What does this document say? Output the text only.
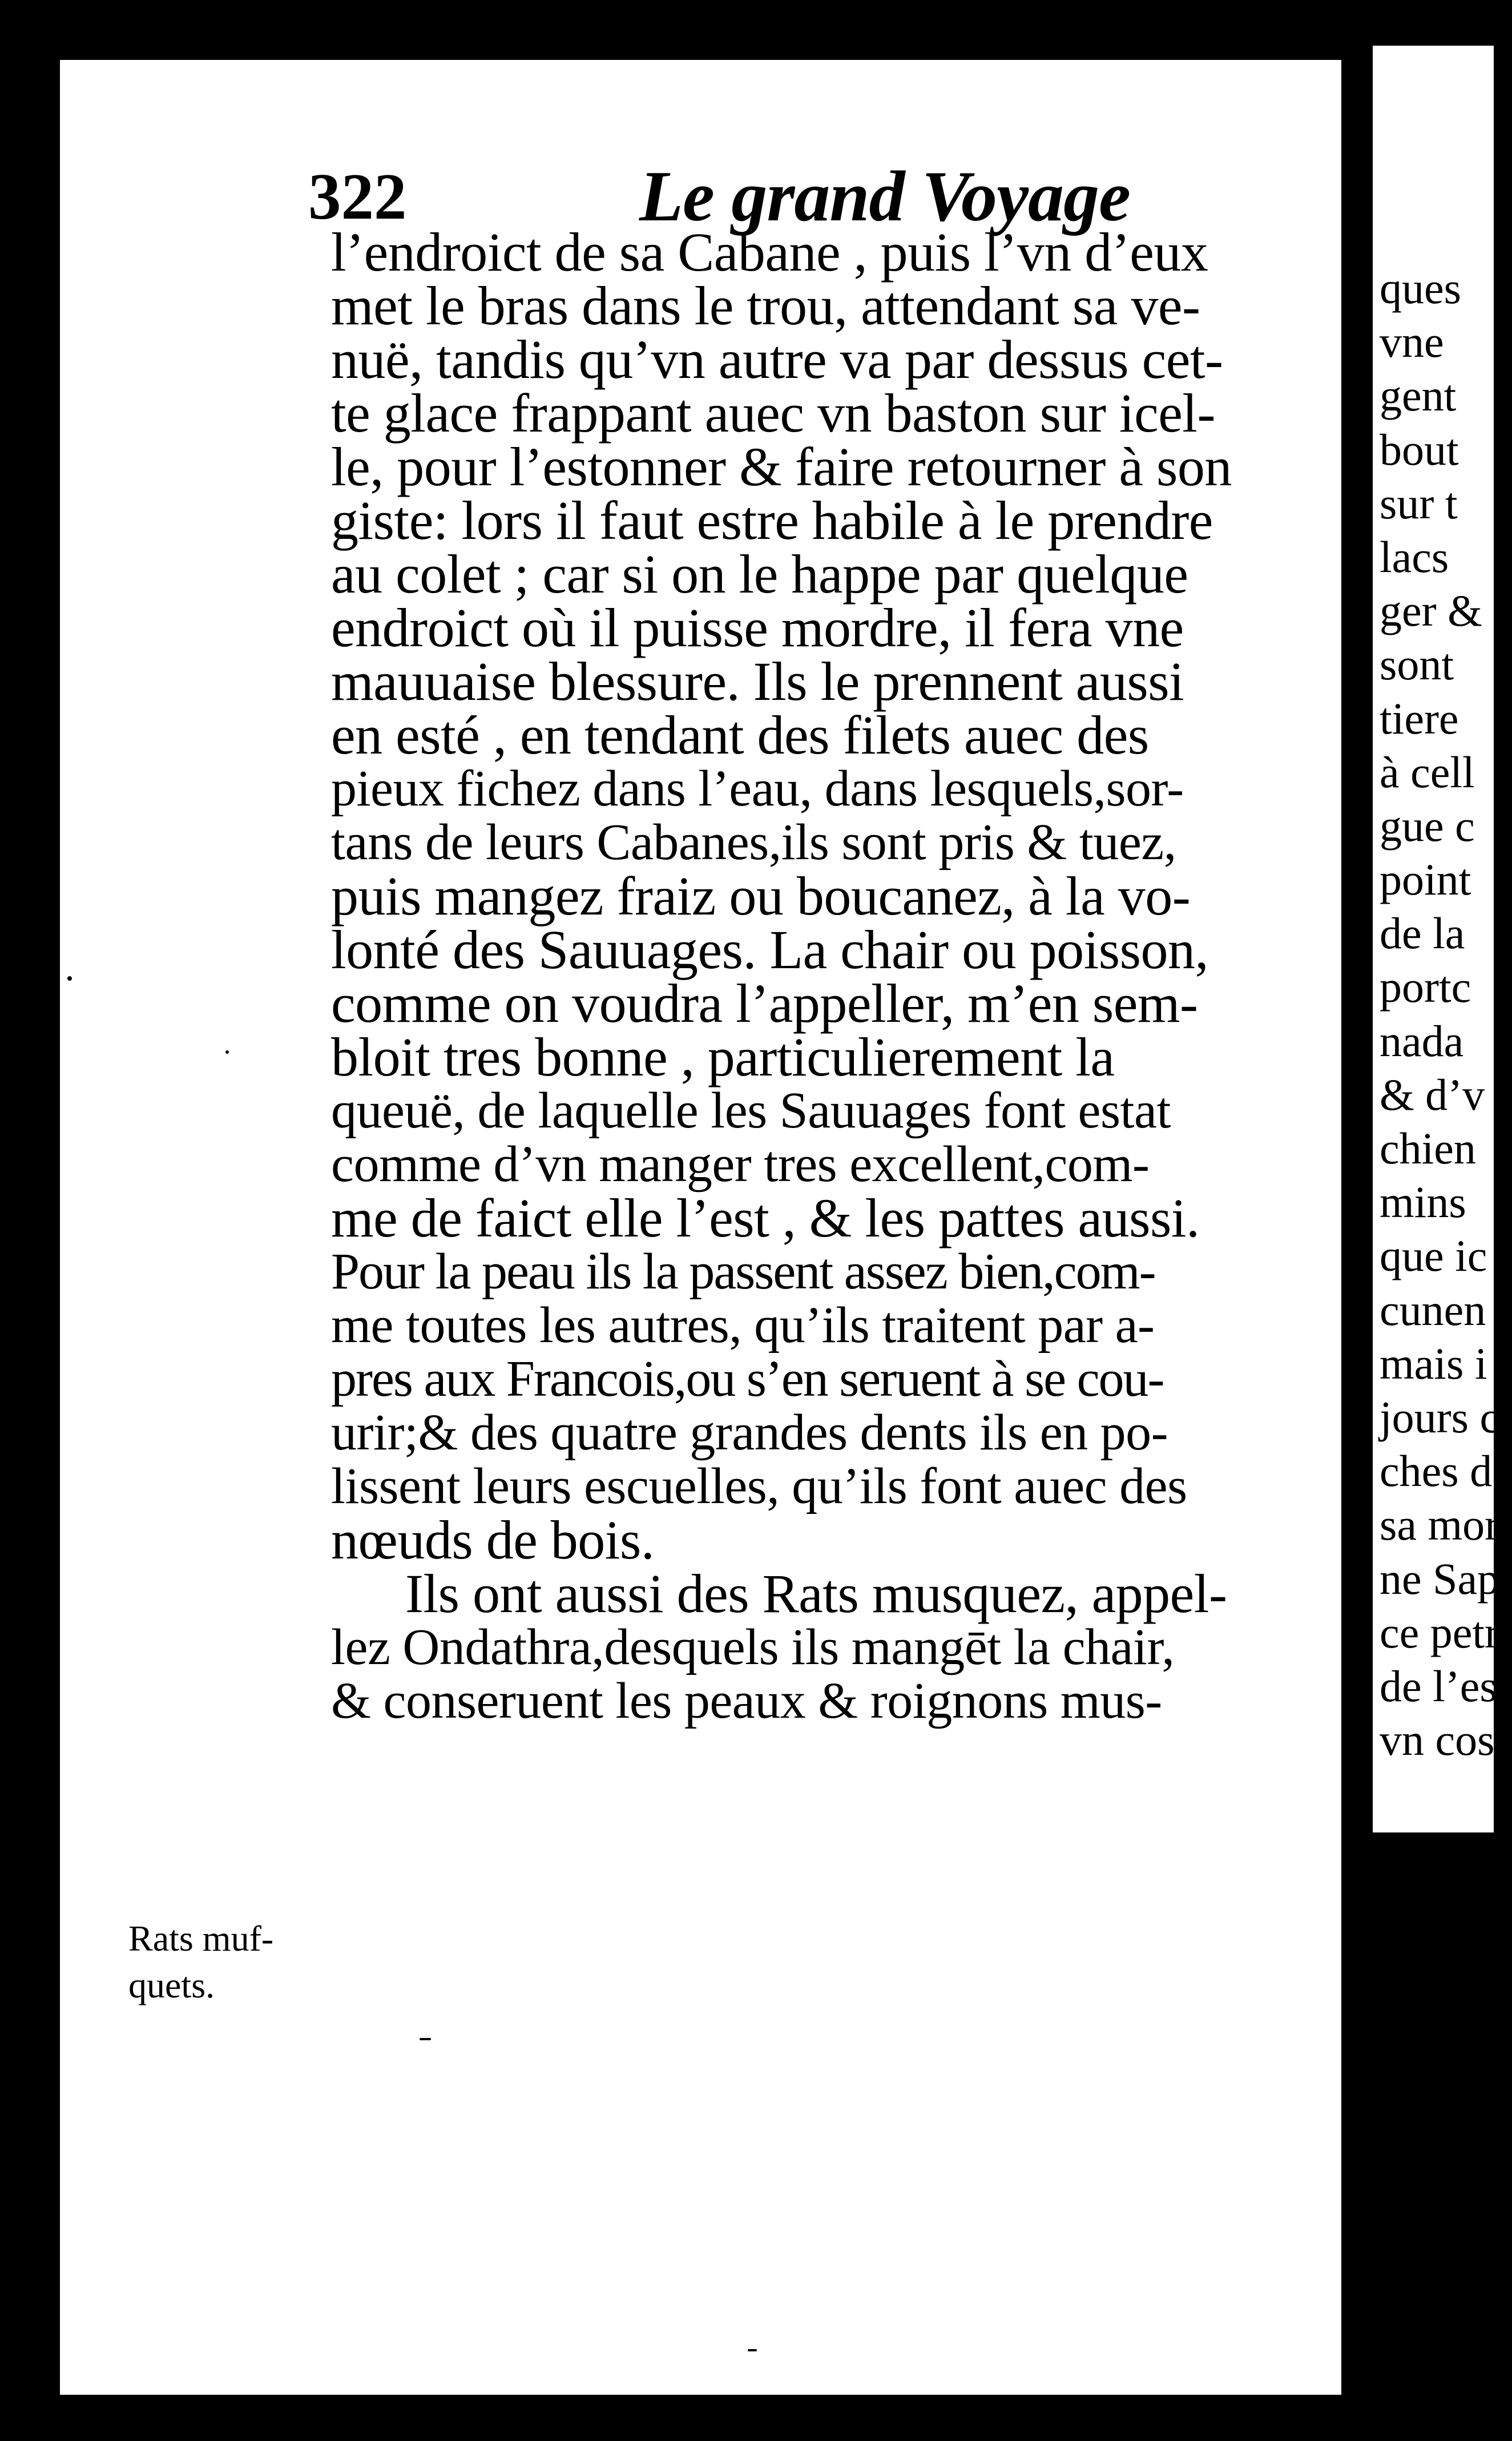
322	Le grand Voyage
l’endroict de sa Cabane , puis l’vn d’eux
met le bras dans le trou, attendant sa ve-
nuë, tandis qu’vn autre va par dessus cet-
te glace frappant auec vn baston sur icel-
le, pour l’estonner & faire retourner à son
giste: lors il faut estre habile à le prendre
au colet ; car si on le happe par quelque
endroict où il puisse mordre, il fera vne
mauuaise blessure. Ils le prennent aussi
en esté , en tendant des filets auec des
pieux fichez dans l’eau, dans lesquels,sor-
tans de leurs Cabanes,ils sont pris & tuez,
puis mangez fraiz ou boucanez, à la vo-
lonté des Sauuages. La chair ou poisson,
comme on voudra l’appeller, m’en sem-
bloit tres bonne , particulierement la
queuë, de laquelle les Sauuages font estat
comme d’vn manger tres excellent,com-
me de faict elle l’est , & les pattes aussi.
Pour la peau ils la passent assez bien,com-
me toutes les autres, qu’ils traitent par a-
pres aux Francois,ou s’en seruent à se cou-
urir;& des quatre grandes dents ils en po-
lissent leurs escuelles, qu’ils font auec des
nœuds de bois.
Ils ont aussi des Rats musquez, appel-
lez Ondathra,desquels ils mangēt la chair,
& conseruent les peaux & roignons mus-
Rats muf-
quets.
ques
vne
gent
bout
sur t
lacs
ger &
sont
tiere
à cell
gue c
point
de la
portc
nada
& d’v
chien
mins
que ic
cunen
mais i
jours c
ches d
sa mor
ne Sap
ce petr
de l’est
vn coss
